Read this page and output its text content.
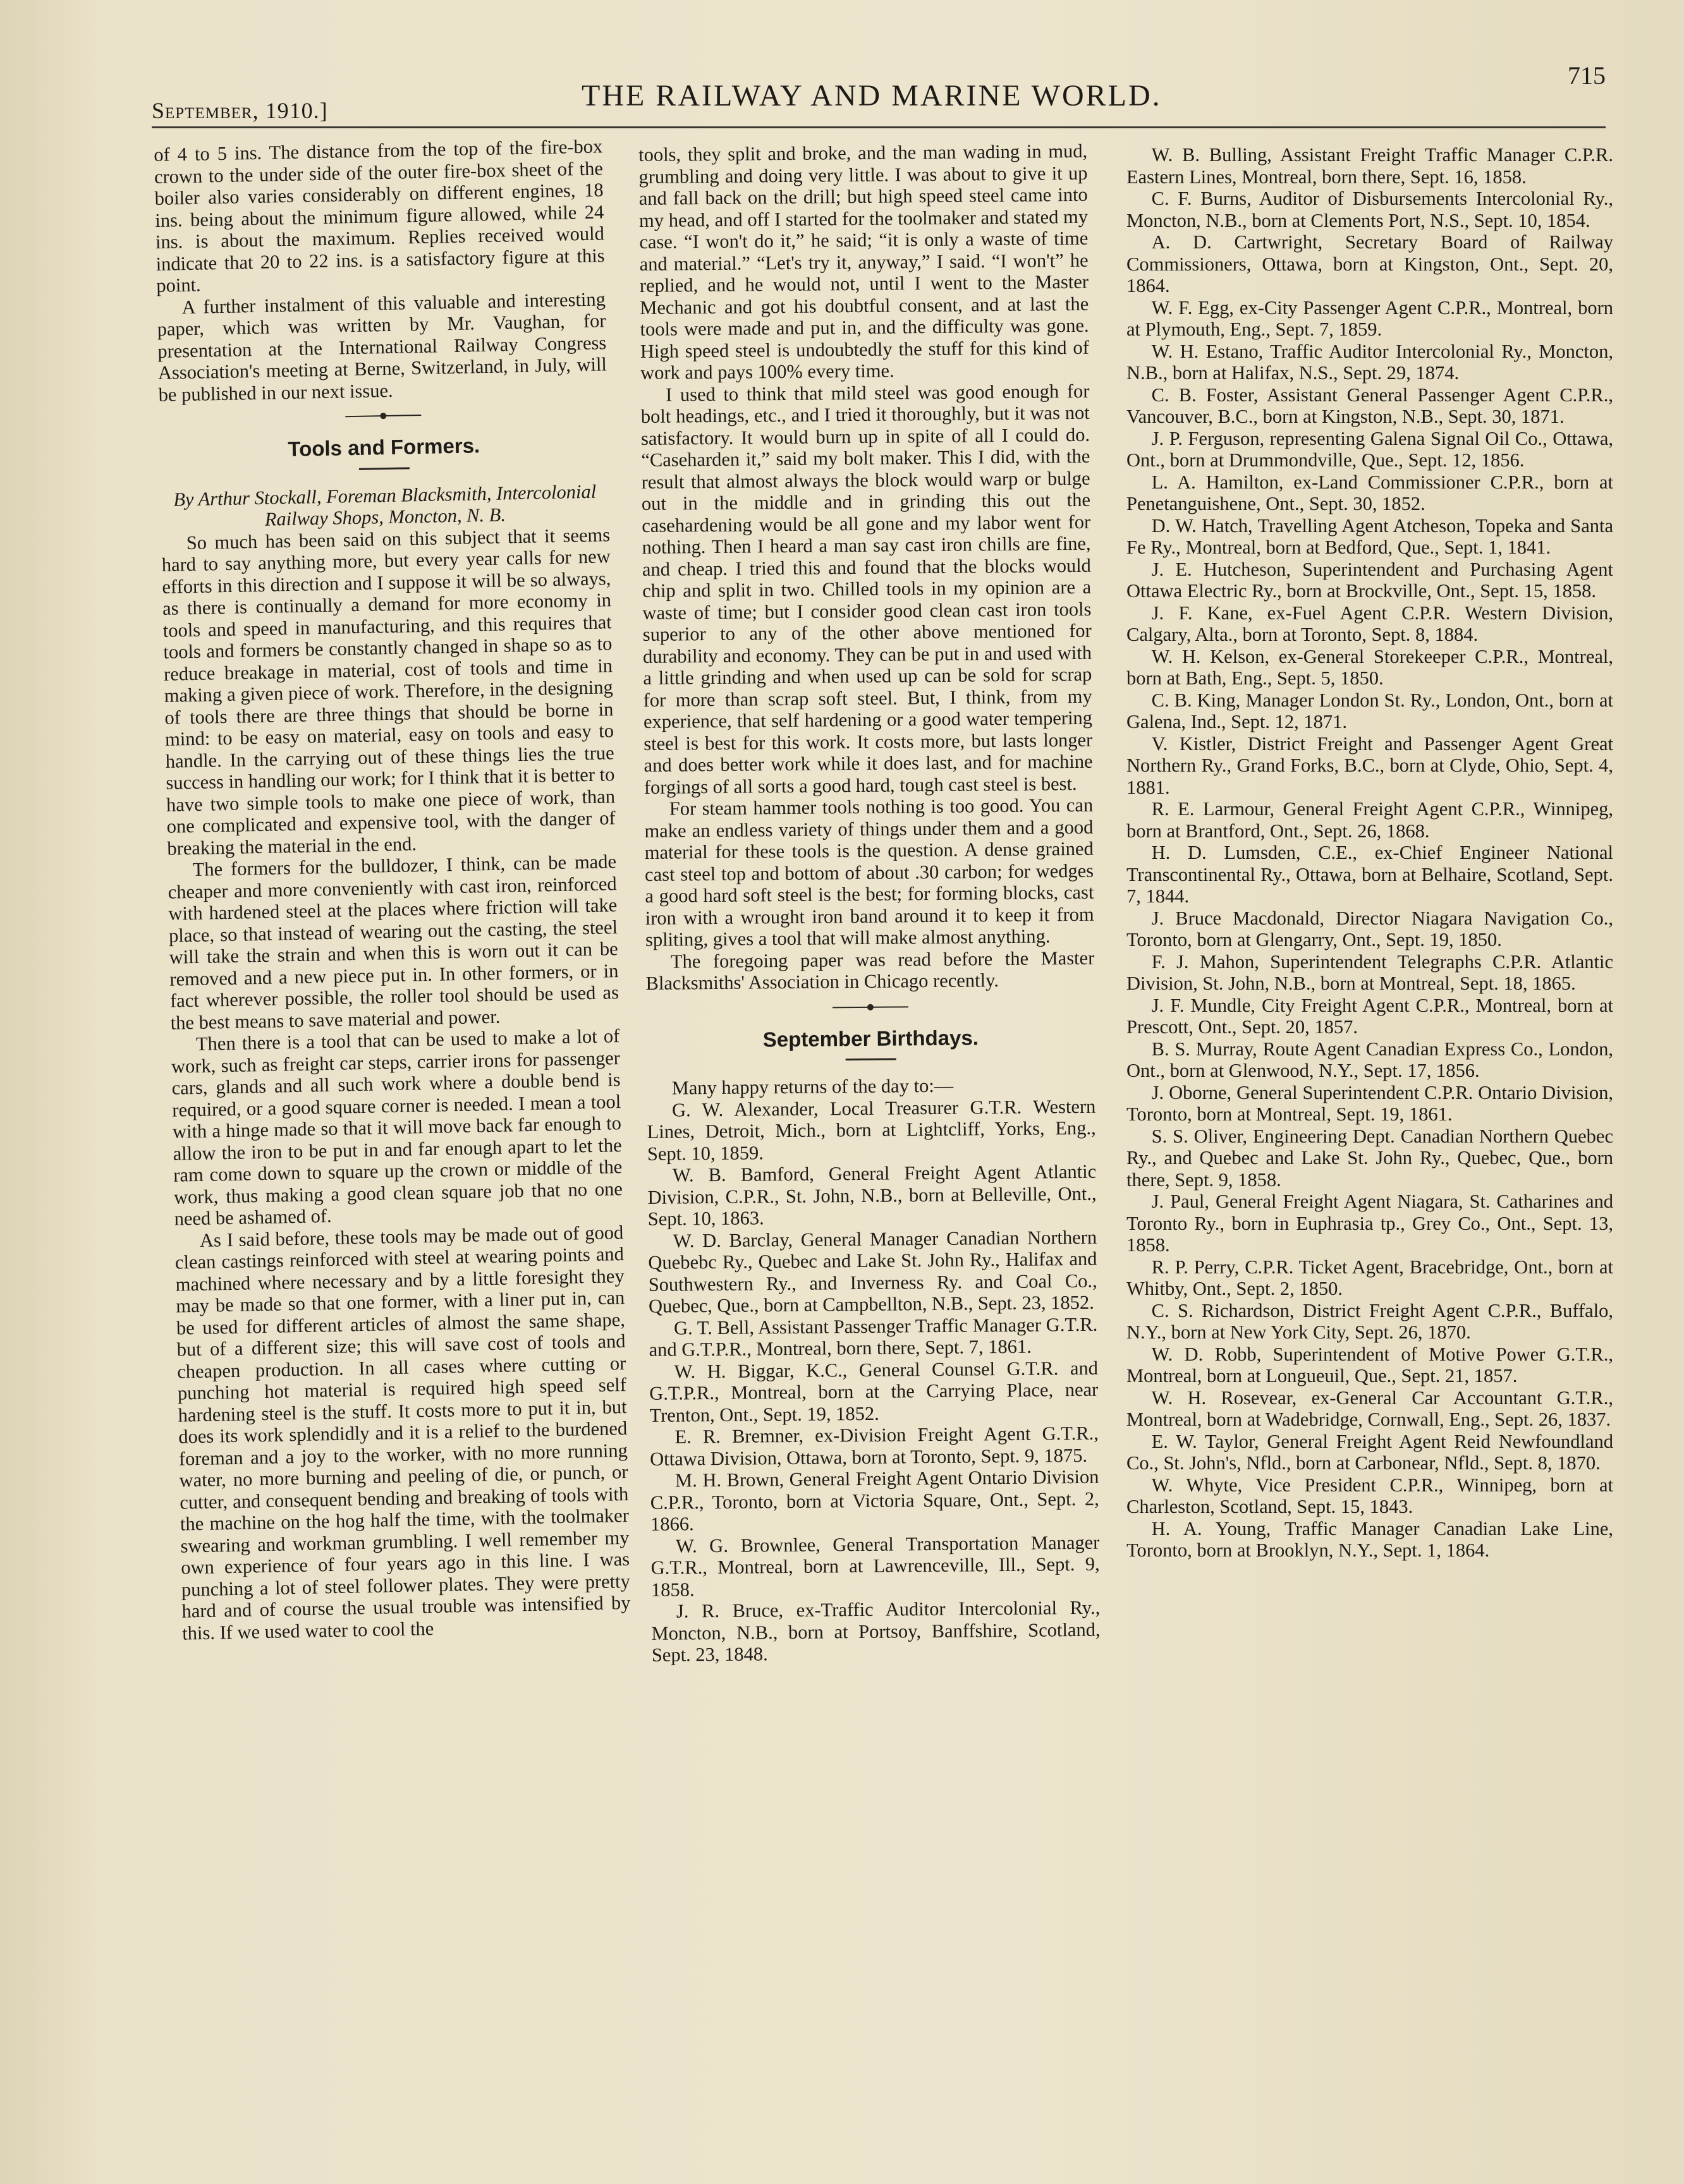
September, 1910.]	THE RAILWAY AND MARINE WORLD.
715

of 4 to 5 ins. The distance from the top of the fire-box crown to the under side of the outer fire-box sheet of the boiler also varies considerably on different engines, 18 ins. being about the minimum figure allowed, while 24 ins. is about the maximum. Replies received would indicate that 20 to 22 ins. is a satisfactory figure at this point.

A further instalment of this valuable and interesting paper, which was written by Mr. Vaughan, for presentation at the International Railway Congress Association's meeting at Berne, Switzerland, in July, will be published in our next issue.

Tools and Formers.

By Arthur Stockall, Foreman Blacksmith, Intercolonial Railway Shops, Moncton, N. B.

So much has been said on this subject that it seems hard to say anything more, but every year calls for new efforts in this direction and I suppose it will be so always, as there is continually a demand for more economy in tools and speed in manufacturing, and this requires that tools and formers be constantly changed in shape so as to reduce breakage in material, cost of tools and time in making a given piece of work. Therefore, in the designing of tools there are three things that should be borne in mind: to be easy on material, easy on tools and easy to handle. In the carrying out of these things lies the true success in handling our work; for I think that it is better to have two simple tools to make one piece of work, than one complicated and expensive tool, with the danger of breaking the material in the end.

The formers for the bulldozer, I think, can be made cheaper and more conveniently with cast iron, reinforced with hardened steel at the places where friction will take place, so that instead of wearing out the casting, the steel will take the strain and when this is worn out it can be removed and a new piece put in. In other formers, or in fact wherever possible, the roller tool should be used as the best means to save material and power.

Then there is a tool that can be used to make a lot of work, such as freight car steps, carrier irons for passenger cars, glands and all such work where a double bend is required, or a good square corner is needed. I mean a tool with a hinge made so that it will move back far enough to allow the iron to be put in and far enough apart to let the ram come down to square up the crown or middle of the work, thus making a good clean square job that no one need be ashamed of.

As I said before, these tools may be made out of good clean castings reinforced with steel at wearing points and machined where necessary and by a little foresight they may be made so that one former, with a liner put in, can be used for different articles of almost the same shape, but of a different size; this will save cost of tools and cheapen production. In all cases where cutting or punching hot material is required high speed self hardening steel is the stuff. It costs more to put it in, but does its work splendidly and it is a relief to the burdened foreman and a joy to the worker, with no more running water, no more burning and peeling of die, or punch, or cutter, and consequent bending and breaking of tools with the machine on the hog half the time, with the toolmaker swearing and workman grumbling. I well remember my own experience of four years ago in this line. I was punching a lot of steel follower plates. They were pretty hard and of course the usual trouble was intensified by this. If we used water to cool the

tools, they split and broke, and the man wading in mud, grumbling and doing very little. I was about to give it up and fall back on the drill; but high speed steel came into my head, and off I started for the toolmaker and stated my case. “I won't do it,” he said; “it is only a waste of time and material.” “Let's try it, anyway,” I said. “I won't” he replied, and he would not, until I went to the Master Mechanic and got his doubtful consent, and at last the tools were made and put in, and the difficulty was gone. High speed steel is undoubtedly the stuff for this kind of work and pays 100% every time.

I used to think that mild steel was good enough for bolt headings, etc., and I tried it thoroughly, but it was not satisfactory. It would burn up in spite of all I could do. “Caseharden it,” said my bolt maker. This I did, with the result that almost always the block would warp or bulge out in the middle and in grinding this out the casehardening would be all gone and my labor went for nothing. Then I heard a man say cast iron chills are fine, and cheap. I tried this and found that the blocks would chip and split in two. Chilled tools in my opinion are a waste of time; but I consider good clean cast iron tools superior to any of the other above mentioned for durability and economy. They can be put in and used with a little grinding and when used up can be sold for scrap for more than scrap soft steel. But, I think, from my experience, that self hardening or a good water tempering steel is best for this work. It costs more, but lasts longer and does better work while it does last, and for machine forgings of all sorts a good hard, tough cast steel is best.

For steam hammer tools nothing is too good. You can make an endless variety of things under them and a good material for these tools is the question. A dense grained cast steel top and bottom of about .30 carbon; for wedges a good hard soft steel is the best; for forming blocks, cast iron with a wrought iron band around it to keep it from spliting, gives a tool that will make almost anything.

The foregoing paper was read before the Master Blacksmiths' Association in Chicago recently.

September Birthdays.

Many happy returns of the day to:—

G. W. Alexander, Local Treasurer G.T.R. Western Lines, Detroit, Mich., born at Lightcliff, Yorks, Eng., Sept. 10, 1859.

W. B. Bamford, General Freight Agent Atlantic Division, C.P.R., St. John, N.B., born at Belleville, Ont., Sept. 10, 1863.

W. D. Barclay, General Manager Canadian Northern Quebebc Ry., Quebec and Lake St. John Ry., Halifax and Southwestern Ry., and Inverness Ry. and Coal Co., Quebec, Que., born at Campbellton, N.B., Sept. 23, 1852.

G. T. Bell, Assistant Passenger Traffic Manager G.T.R. and G.T.P.R., Montreal, born there, Sept. 7, 1861.

W. H. Biggar, K.C., General Counsel G.T.R. and G.T.P.R., Montreal, born at the Carrying Place, near Trenton, Ont., Sept. 19, 1852.

E. R. Bremner, ex-Division Freight Agent G.T.R., Ottawa Division, Ottawa, born at Toronto, Sept. 9, 1875.

M. H. Brown, General Freight Agent Ontario Division C.P.R., Toronto, born at Victoria Square, Ont., Sept. 2, 1866.

W. G. Brownlee, General Transportation Manager G.T.R., Montreal, born at Lawrenceville, Ill., Sept. 9, 1858.

J. R. Bruce, ex-Traffic Auditor Intercolonial Ry., Moncton, N.B., born at Portsoy, Banffshire, Scotland, Sept. 23, 1848.

W. B. Bulling, Assistant Freight Traffic Manager C.P.R. Eastern Lines, Montreal, born there, Sept. 16, 1858.

C. F. Burns, Auditor of Disbursements Intercolonial Ry., Moncton, N.B., born at Clements Port, N.S., Sept. 10, 1854.

A. D. Cartwright, Secretary Board of Railway Commissioners, Ottawa, born at Kingston, Ont., Sept. 20, 1864.

W. F. Egg, ex-City Passenger Agent C.P.R., Montreal, born at Plymouth, Eng., Sept. 7, 1859.

W. H. Estano, Traffic Auditor Intercolonial Ry., Moncton, N.B., born at Halifax, N.S., Sept. 29, 1874.

C. B. Foster, Assistant General Passenger Agent C.P.R., Vancouver, B.C., born at Kingston, N.B., Sept. 30, 1871.

J. P. Ferguson, representing Galena Signal Oil Co., Ottawa, Ont., born at Drummondville, Que., Sept. 12, 1856.

L. A. Hamilton, ex-Land Commissioner C.P.R., born at Penetanguishene, Ont., Sept. 30, 1852.

D. W. Hatch, Travelling Agent Atcheson, Topeka and Santa Fe Ry., Montreal, born at Bedford, Que., Sept. 1, 1841.

J. E. Hutcheson, Superintendent and Purchasing Agent Ottawa Electric Ry., born at Brockville, Ont., Sept. 15, 1858.

J. F. Kane, ex-Fuel Agent C.P.R. Western Division, Calgary, Alta., born at Toronto, Sept. 8, 1884.

W. H. Kelson, ex-General Storekeeper C.P.R., Montreal, born at Bath, Eng., Sept. 5, 1850.

C. B. King, Manager London St. Ry., London, Ont., born at Galena, Ind., Sept. 12, 1871.

V. Kistler, District Freight and Passenger Agent Great Northern Ry., Grand Forks, B.C., born at Clyde, Ohio, Sept. 4, 1881.

R. E. Larmour, General Freight Agent C.P.R., Winnipeg, born at Brantford, Ont., Sept. 26, 1868.

H. D. Lumsden, C.E., ex-Chief Engineer National Transcontinental Ry., Ottawa, born at Belhaire, Scotland, Sept. 7, 1844.

J. Bruce Macdonald, Director Niagara Navigation Co., Toronto, born at Glengarry, Ont., Sept. 19, 1850.

F. J. Mahon, Superintendent Telegraphs C.P.R. Atlantic Division, St. John, N.B., born at Montreal, Sept. 18, 1865.

J. F. Mundle, City Freight Agent C.P.R., Montreal, born at Prescott, Ont., Sept. 20, 1857.

B. S. Murray, Route Agent Canadian Express Co., London, Ont., born at Glenwood, N.Y., Sept. 17, 1856.

J. Oborne, General Superintendent C.P.R. Ontario Division, Toronto, born at Montreal, Sept. 19, 1861.

S. S. Oliver, Engineering Dept. Canadian Northern Quebec Ry., and Quebec and Lake St. John Ry., Quebec, Que., born there, Sept. 9, 1858.

J. Paul, General Freight Agent Niagara, St. Catharines and Toronto Ry., born in Euphrasia tp., Grey Co., Ont., Sept. 13, 1858.

R. P. Perry, C.P.R. Ticket Agent, Bracebridge, Ont., born at Whitby, Ont., Sept. 2, 1850.

C. S. Richardson, District Freight Agent C.P.R., Buffalo, N.Y., born at New York City, Sept. 26, 1870.

W. D. Robb, Superintendent of Motive Power G.T.R., Montreal, born at Longueuil, Que., Sept. 21, 1857.

W. H. Rosevear, ex-General Car Accountant G.T.R., Montreal, born at Wadebridge, Cornwall, Eng., Sept. 26, 1837.

E. W. Taylor, General Freight Agent Reid Newfoundland Co., St. John's, Nfld., born at Carbonear, Nfld., Sept. 8, 1870.

W. Whyte, Vice President C.P.R., Winnipeg, born at Charleston, Scotland, Sept. 15, 1843.

H. A. Young, Traffic Manager Canadian Lake Line, Toronto, born at Brooklyn, N.Y., Sept. 1, 1864.
